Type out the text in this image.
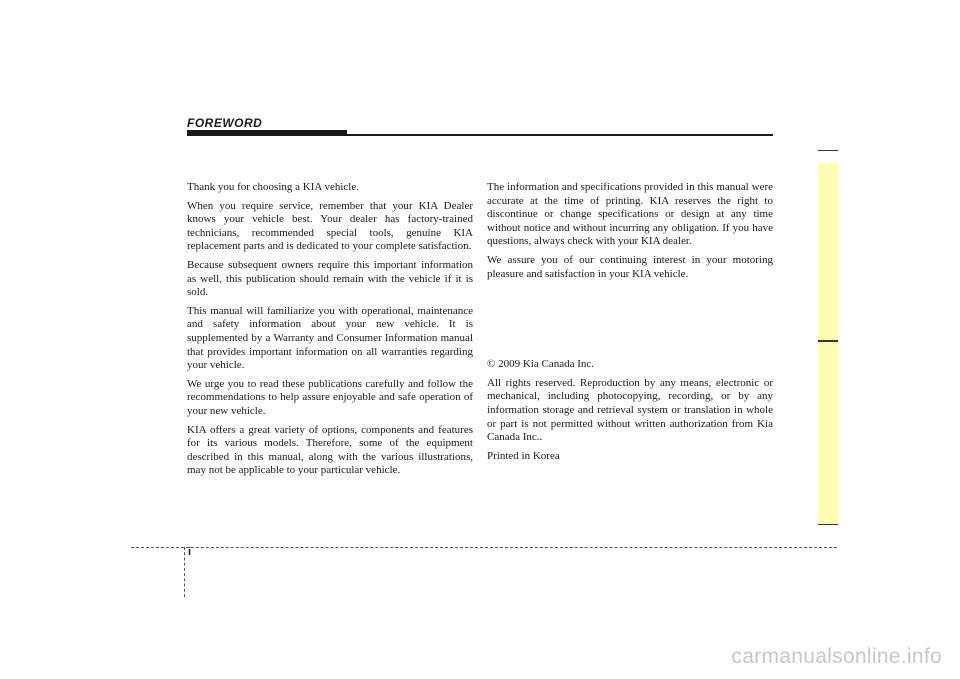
FOREWORD

Thank you for choosing a KIA vehicle.

When you require service, remember that your KIA Dealer knows your vehicle best. Your dealer has factory-trained technicians, recommended special tools, genuine KIA replacement parts and is dedicated to your complete satisfaction.

Because subsequent owners require this important information as well, this publication should remain with the vehicle if it is sold.

This manual will familiarize you with operational, maintenance and safety information about your new vehicle. It is supplemented by a Warranty and Consumer Information manual that provides important information on all warranties regarding your vehicle.

We urge you to read these publications carefully and follow the recommendations to help assure enjoyable and safe operation of your new vehicle.

KIA offers a great variety of options, components and features for its various models. Therefore, some of the equipment described in this manual, along with the various illustrations, may not be applicable to your particular vehicle.

The information and specifications provided in this manual were accurate at the time of printing. KIA reserves the right to discontinue or change specifications or design at any time without notice and without incurring any obligation. If you have questions, always check with your KIA dealer.

We assure you of our continuing interest in your motoring pleasure and satisfaction in your KIA vehicle.

© 2009 Kia Canada Inc.

All rights reserved. Reproduction by any means, electronic or mechanical, including photocopying, recording, or by any information storage and retrieval system or translation in whole or part is not permitted without written authorization from Kia Canada Inc..

Printed in Korea

i
carmanualsonline.info
